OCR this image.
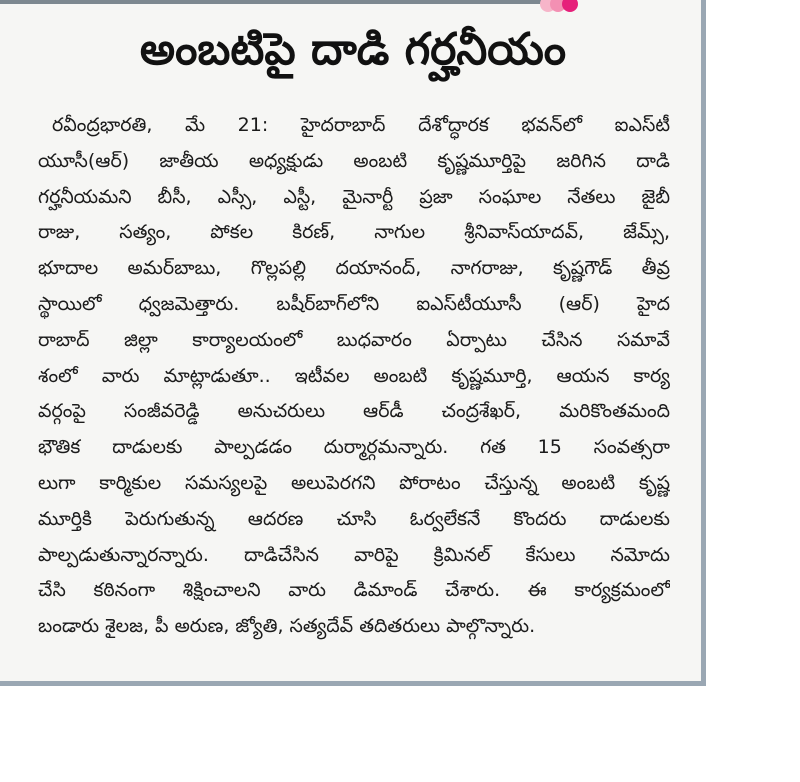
అంబటిపై దాడి గర్హనీయం
రవీంద్రభారతి, మే 21: హైదరాబాద్ దేశోద్ధారక భవన్‌లో ఐఎస్‌టీ
యూసీ(ఆర్) జాతీయ అధ్యక్షుడు అంబటి కృష్ణమూర్తిపై జరిగిన దాడి
గర్హనీయమని బీసీ, ఎస్సీ, ఎస్టీ, మైనార్టీ ప్రజా సంఘాల నేతలు జైబీ
రాజు, సత్యం, పోకల కిరణ్, నాగుల శ్రీనివాస్‌యాదవ్, జేమ్స్,
భూదాల అమర్‌బాబు, గొల్లపల్లి దయానంద్, నాగరాజు, కృష్ణగౌడ్ తీవ్ర
స్థాయిలో ధ్వజమెత్తారు. బషీర్‌బాగ్‌లోని ఐఎస్‌టీయూసీ (ఆర్) హైద
రాబాద్ జిల్లా కార్యాలయంలో బుధవారం ఏర్పాటు చేసిన సమావే
శంలో వారు మాట్లాడుతూ.. ఇటీవల అంబటి కృష్ణమూర్తి, ఆయన కార్య
వర్గంపై సంజీవరెడ్డి అనుచరులు ఆర్‌డీ చంద్రశేఖర్, మరికొంతమంది
భౌతిక దాడులకు పాల్పడడం దుర్మార్గమన్నారు. గత 15 సంవత్సరా
లుగా కార్మికుల సమస్యలపై అలుపెరగని పోరాటం చేస్తున్న అంబటి కృష్ణ
మూర్తికి పెరుగుతున్న ఆదరణ చూసి ఓర్వలేకనే కొందరు దాడులకు
పాల్పడుతున్నారన్నారు. దాడిచేసిన వారిపై క్రిమినల్ కేసులు నమోదు
చేసి కఠినంగా శిక్షించాలని వారు డిమాండ్ చేశారు. ఈ కార్యక్రమంలో
బండారు శైలజ, పీ అరుణ, జ్యోతి, సత్యదేవ్ తదితరులు పాల్గొన్నారు.
